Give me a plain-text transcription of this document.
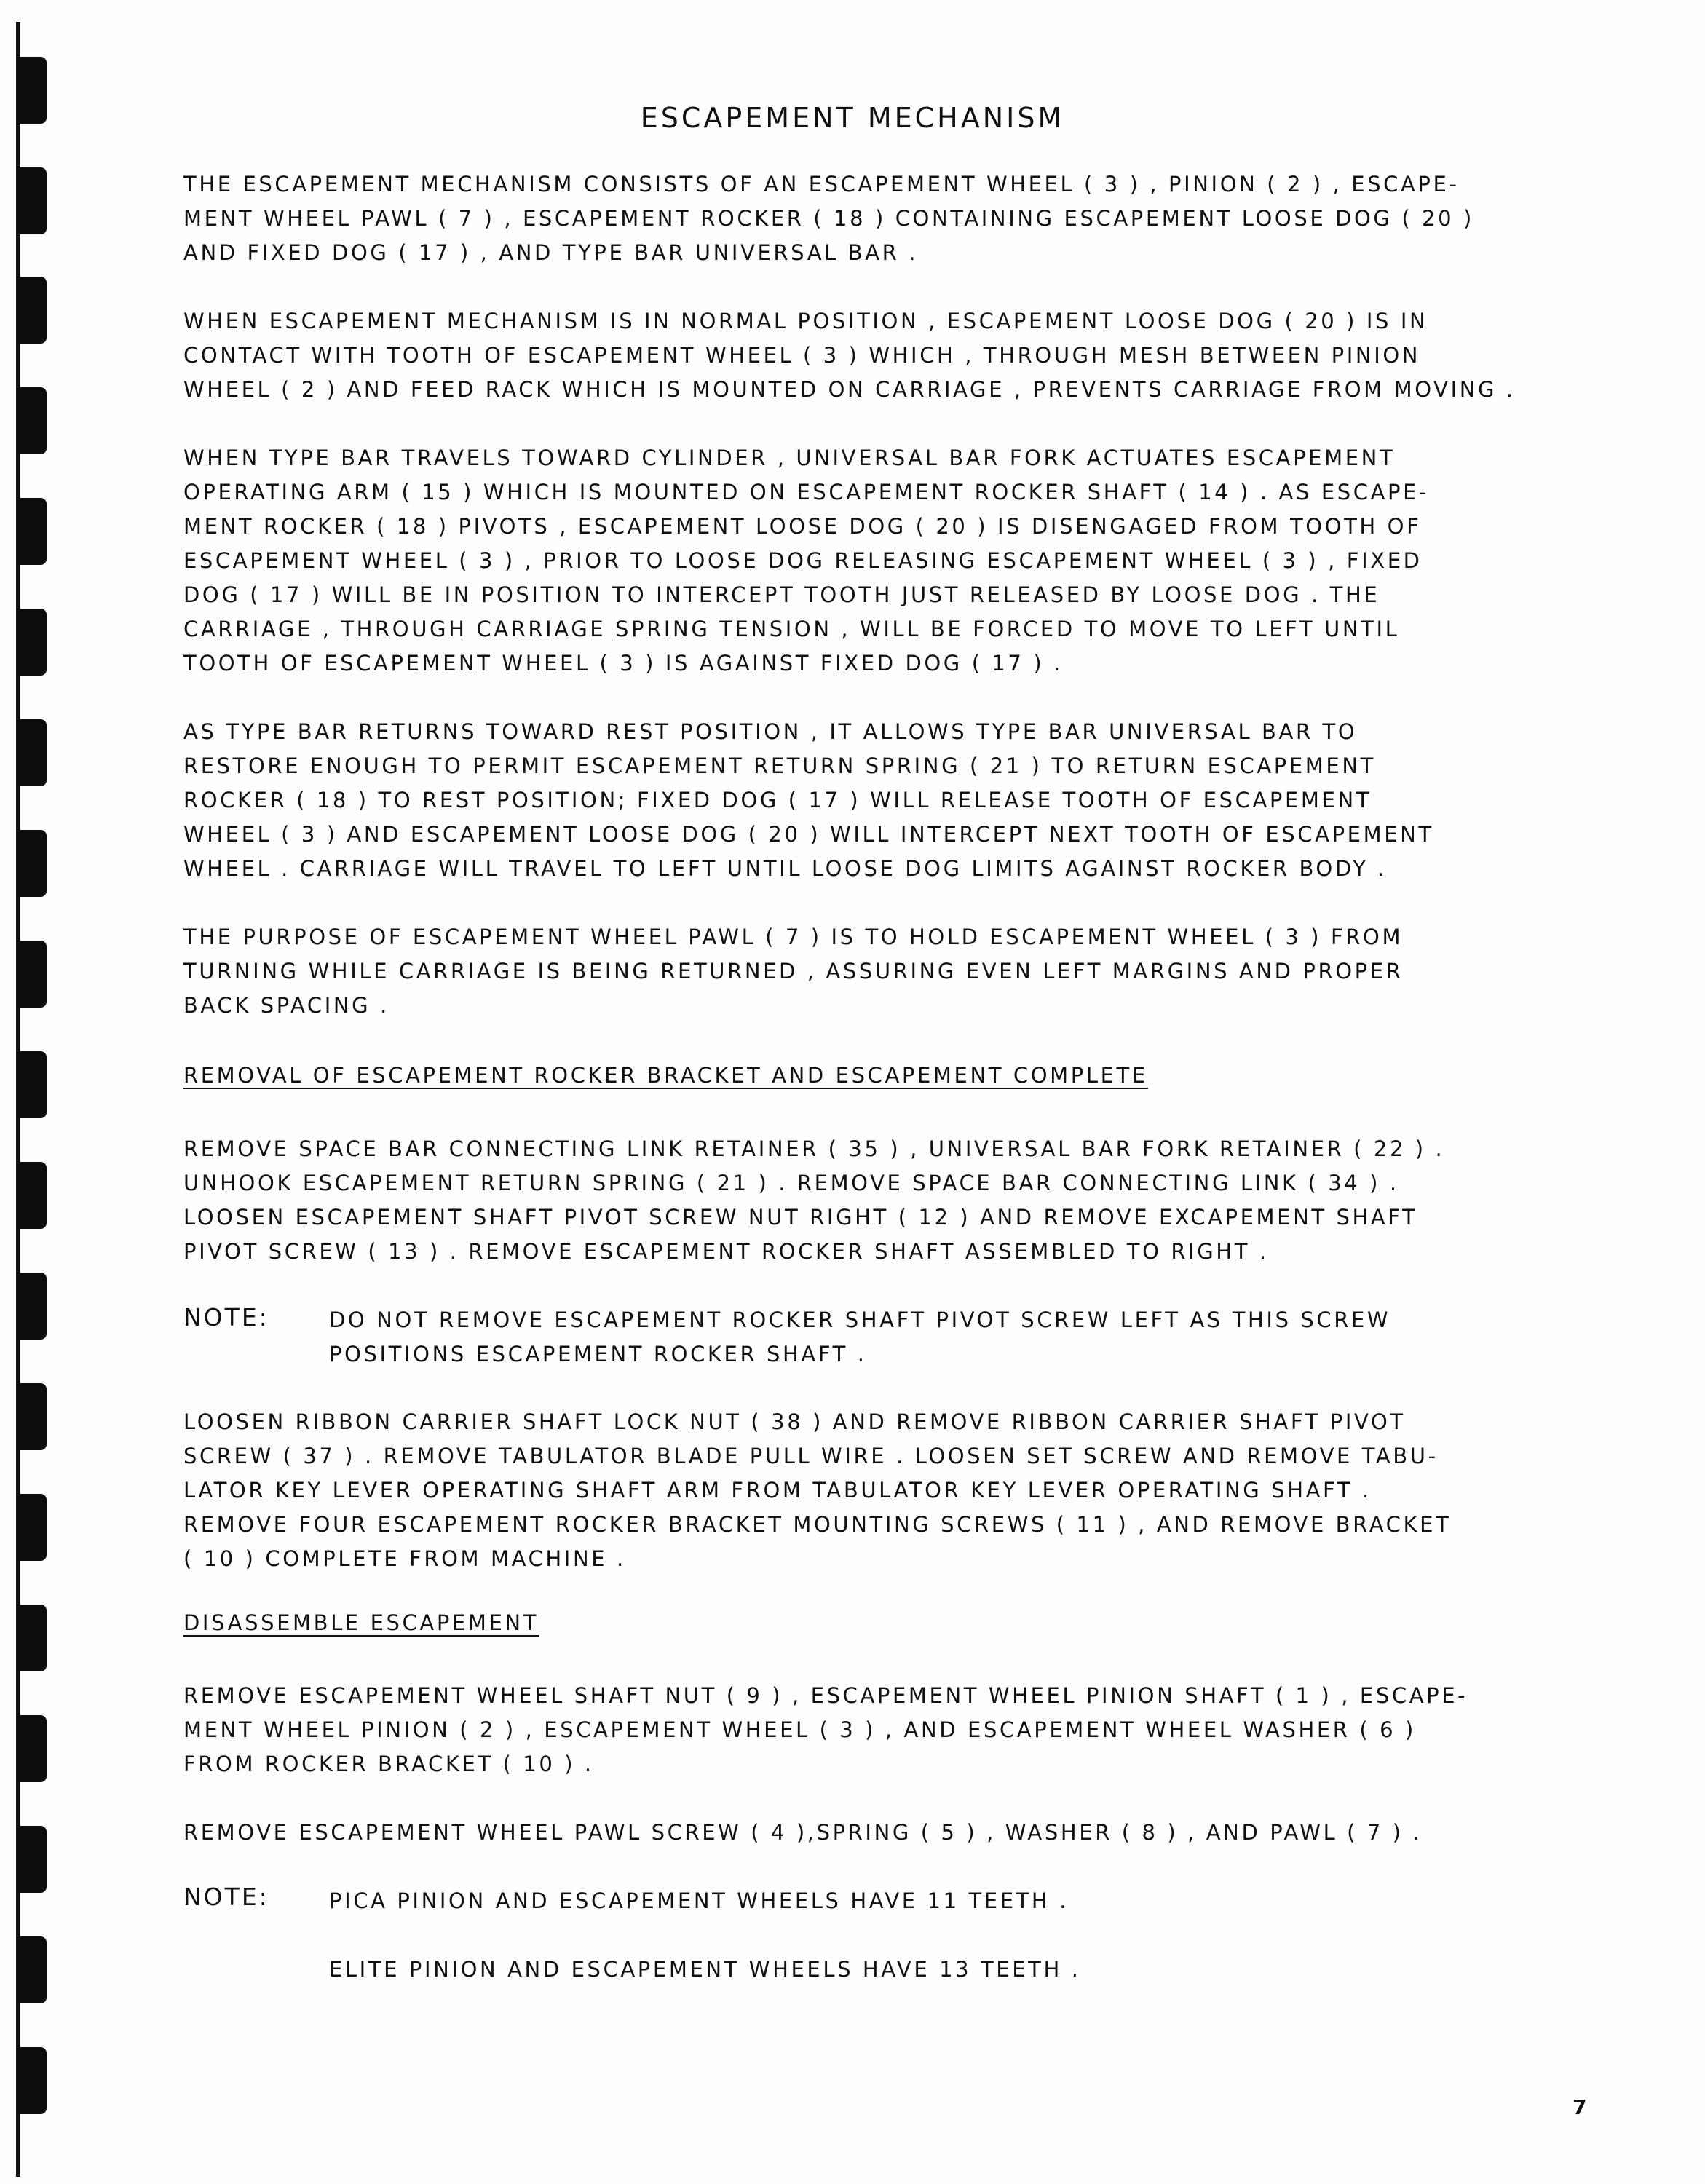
ESCAPEMENT MECHANISM

THE ESCAPEMENT MECHANISM CONSISTS OF AN ESCAPEMENT WHEEL ( 3 ) , PINION ( 2 ) , ESCAPE-
MENT WHEEL PAWL ( 7 ) , ESCAPEMENT ROCKER ( 18 ) CONTAINING ESCAPEMENT LOOSE DOG ( 20 )
AND FIXED DOG ( 17 ) , AND TYPE BAR UNIVERSAL BAR .

WHEN ESCAPEMENT MECHANISM IS IN NORMAL POSITION , ESCAPEMENT LOOSE DOG ( 20 ) IS IN
CONTACT WITH TOOTH OF ESCAPEMENT WHEEL ( 3 ) WHICH , THROUGH MESH BETWEEN PINION
WHEEL ( 2 ) AND FEED RACK WHICH IS MOUNTED ON CARRIAGE , PREVENTS CARRIAGE FROM MOVING .

WHEN TYPE BAR TRAVELS TOWARD CYLINDER , UNIVERSAL BAR FORK ACTUATES ESCAPEMENT
OPERATING ARM ( 15 ) WHICH IS MOUNTED ON ESCAPEMENT ROCKER SHAFT ( 14 ) . AS ESCAPE-
MENT ROCKER ( 18 ) PIVOTS , ESCAPEMENT LOOSE DOG ( 20 ) IS DISENGAGED FROM TOOTH OF
ESCAPEMENT WHEEL ( 3 ) , PRIOR TO LOOSE DOG RELEASING ESCAPEMENT WHEEL ( 3 ) , FIXED
DOG ( 17 ) WILL BE IN POSITION TO INTERCEPT TOOTH JUST RELEASED BY LOOSE DOG . THE
CARRIAGE , THROUGH CARRIAGE SPRING TENSION , WILL BE FORCED TO MOVE TO LEFT UNTIL
TOOTH OF ESCAPEMENT WHEEL ( 3 ) IS AGAINST FIXED DOG ( 17 ) .

AS TYPE BAR RETURNS TOWARD REST POSITION , IT ALLOWS TYPE BAR UNIVERSAL BAR TO
RESTORE ENOUGH TO PERMIT ESCAPEMENT RETURN SPRING ( 21 ) TO RETURN ESCAPEMENT
ROCKER ( 18 ) TO REST POSITION; FIXED DOG ( 17 ) WILL RELEASE TOOTH OF ESCAPEMENT
WHEEL ( 3 ) AND ESCAPEMENT LOOSE DOG ( 20 ) WILL INTERCEPT NEXT TOOTH OF ESCAPEMENT
WHEEL . CARRIAGE WILL TRAVEL TO LEFT UNTIL LOOSE DOG LIMITS AGAINST ROCKER BODY .

THE PURPOSE OF ESCAPEMENT WHEEL PAWL ( 7 ) IS TO HOLD ESCAPEMENT WHEEL ( 3 ) FROM
TURNING WHILE CARRIAGE IS BEING RETURNED , ASSURING EVEN LEFT MARGINS AND PROPER
BACK SPACING .

REMOVAL OF ESCAPEMENT ROCKER BRACKET AND ESCAPEMENT COMPLETE

REMOVE SPACE BAR CONNECTING LINK RETAINER ( 35 ) , UNIVERSAL BAR FORK RETAINER ( 22 ) .
UNHOOK ESCAPEMENT RETURN SPRING ( 21 ) . REMOVE SPACE BAR CONNECTING LINK ( 34 ) .
LOOSEN ESCAPEMENT SHAFT PIVOT SCREW NUT RIGHT ( 12 ) AND REMOVE EXCAPEMENT SHAFT
PIVOT SCREW ( 13 ) . REMOVE ESCAPEMENT ROCKER SHAFT ASSEMBLED TO RIGHT .

NOTE:	DO NOT REMOVE ESCAPEMENT ROCKER SHAFT PIVOT SCREW LEFT AS THIS SCREW
POSITIONS ESCAPEMENT ROCKER SHAFT .

LOOSEN RIBBON CARRIER SHAFT LOCK NUT ( 38 ) AND REMOVE RIBBON CARRIER SHAFT PIVOT
SCREW ( 37 ) . REMOVE TABULATOR BLADE PULL WIRE . LOOSEN SET SCREW AND REMOVE TABU-
LATOR KEY LEVER OPERATING SHAFT ARM FROM TABULATOR KEY LEVER OPERATING SHAFT .
REMOVE FOUR ESCAPEMENT ROCKER BRACKET MOUNTING SCREWS ( 11 ) , AND REMOVE BRACKET
( 10 ) COMPLETE FROM MACHINE .

DISASSEMBLE ESCAPEMENT

REMOVE ESCAPEMENT WHEEL SHAFT NUT ( 9 ) , ESCAPEMENT WHEEL PINION SHAFT ( 1 ) , ESCAPE-
MENT WHEEL PINION ( 2 ) , ESCAPEMENT WHEEL ( 3 ) , AND ESCAPEMENT WHEEL WASHER ( 6 )
FROM ROCKER BRACKET ( 10 ) .

REMOVE ESCAPEMENT WHEEL PAWL SCREW ( 4 ),SPRING ( 5 ) , WASHER ( 8 ) , AND PAWL ( 7 ) .

NOTE:	PICA PINION AND ESCAPEMENT WHEELS HAVE 11 TEETH .

ELITE PINION AND ESCAPEMENT WHEELS HAVE 13 TEETH .

7
